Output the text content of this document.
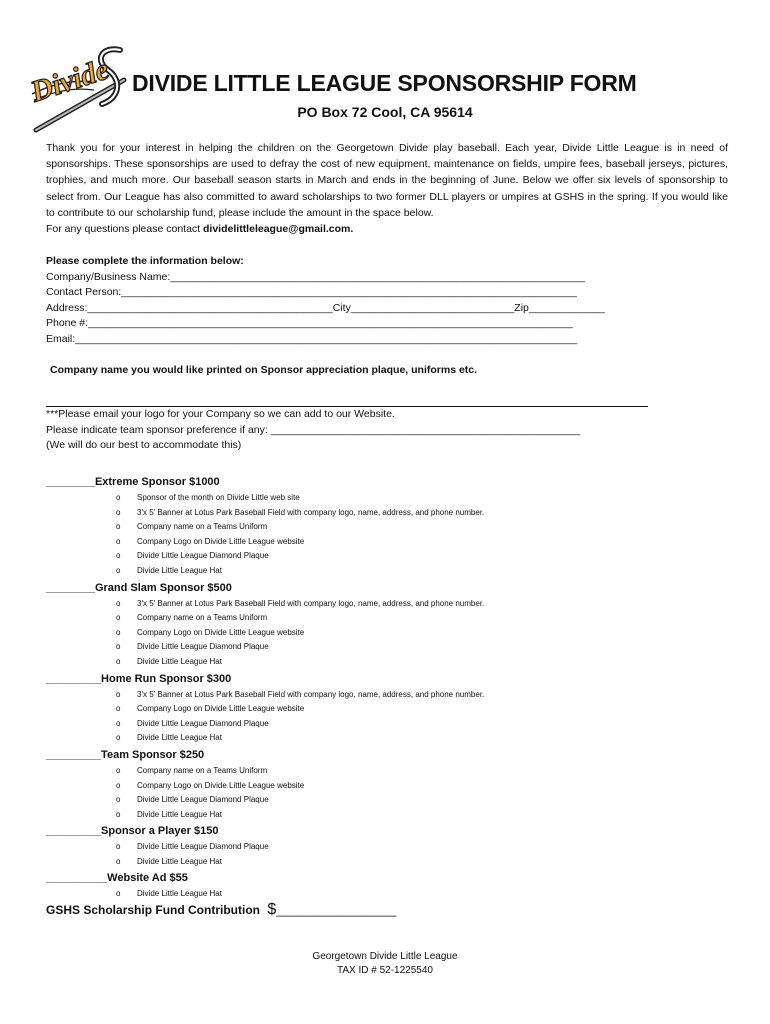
Divide DIVIDE LITTLE LEAGUE SPONSORSHIP FORM
PO Box 72 Cool, CA 95614

Thank you for your interest in helping the children on the Georgetown Divide play baseball. Each year, Divide Little League is in need of sponsorships. These sponsorships are used to defray the cost of new equipment, maintenance on fields, umpire fees, baseball jerseys, pictures, trophies, and much more. Our baseball season starts in March and ends in the beginning of June. Below we offer six levels of sponsorship to select from. Our League has also committed to award scholarships to two former DLL players or umpires at GSHS in the spring. If you would like to contribute to our scholarship fund, please include the amount in the space below.

For any questions please contact dividelittleleague@gmail.com.

Please complete the information below:
Company/Business Name:_______________________________________________________________________
Contact Person:______________________________________________________________________________
Address:__________________________________________City____________________________Zip_____________
Phone #:___________________________________________________________________________________
Email:______________________________________________________________________________________
Company name you would like printed on Sponsor appreciation plaque, uniforms etc.
***Please email your logo for your Company so we can add to our Website.
Please indicate team sponsor preference if any: _____________________________________________________
(We will do our best to accommodate this)
________Extreme Sponsor $1000
o Sponsor of the month on Divide Little web site
o 3'x 5' Banner at Lotus Park Baseball Field with company logo, name, address, and phone number.
o Company name on a Teams Uniform
o Company Logo on Divide Little League website
o Divide Little League Diamond Plaque
o Divide Little League Hat
________Grand Slam Sponsor $500
o 3'x 5' Banner at Lotus Park Baseball Field with company logo, name, address, and phone number.
o Company name on a Teams Uniform
o Company Logo on Divide Little League website
o Divide Little League Diamond Plaque
o Divide Little League Hat
_________Home Run Sponsor $300
o 3'x 5' Banner at Lotus Park Baseball Field with company logo, name, address, and phone number.
o Company Logo on Divide Little League website
o Divide Little League Diamond Plaque
o Divide Little League Hat
_________Team Sponsor $250
o Company name on a Teams Uniform
o Company Logo on Divide Little League website
o Divide Little League Diamond Plaque
o Divide Little League Hat
_________Sponsor a Player $150
o Divide Little League Diamond Plaque
o Divide Little League Hat
__________Website Ad $55
o Divide Little League Hat
GSHS Scholarship Fund Contribution $__________________
Georgetown Divide Little League
TAX ID # 52-1225540
